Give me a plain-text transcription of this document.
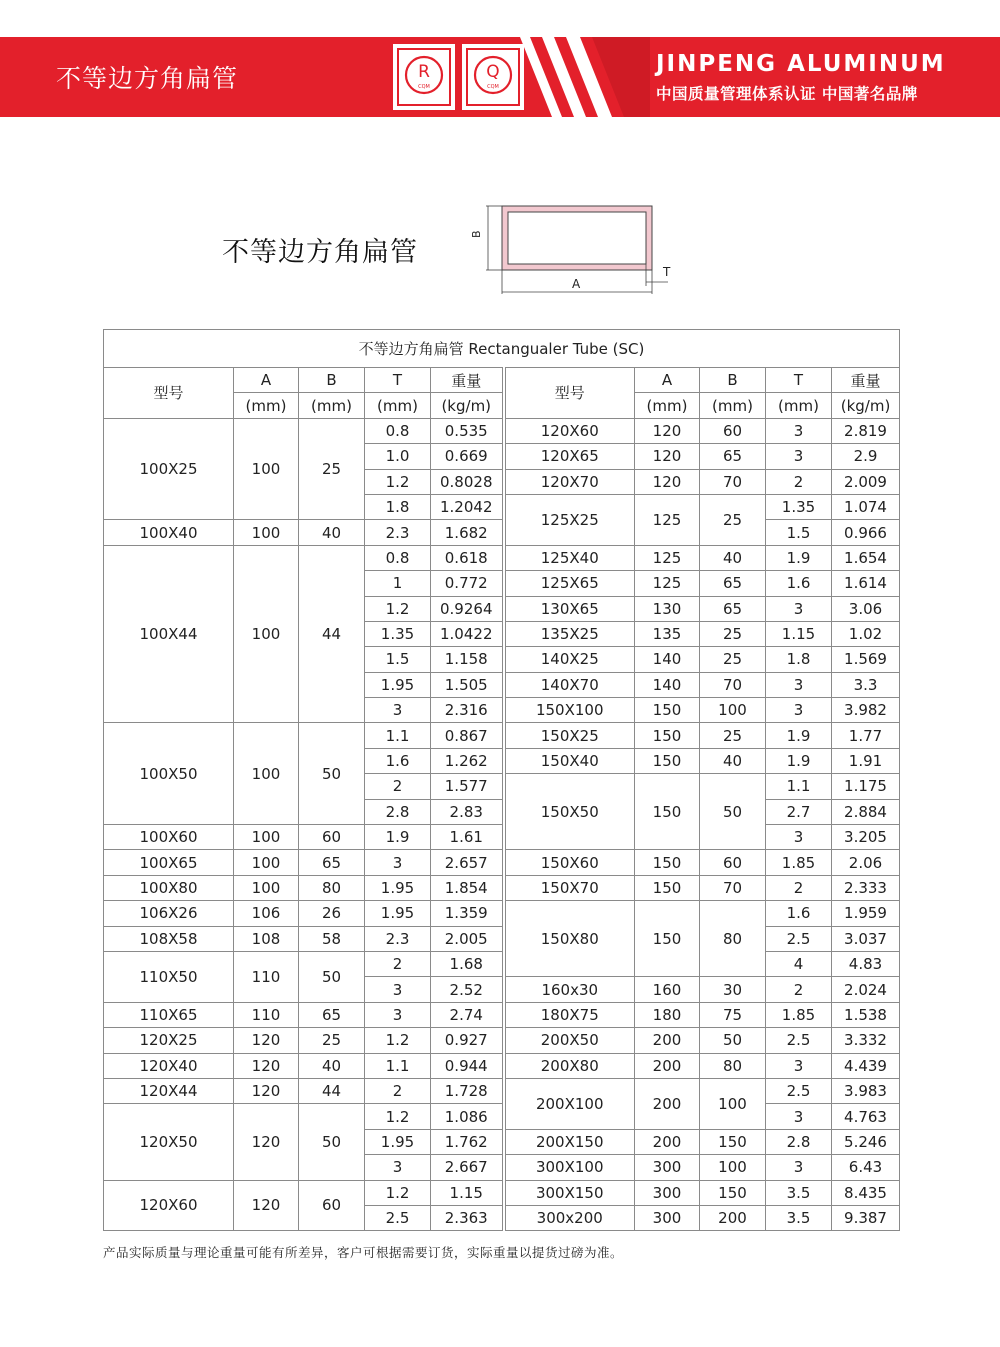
不等边方角扁管	R
CQM
Q
CQM
JINPENG ALUMINUM
中国质量管理体系认证 中国著名品牌
不等边方角扁管
B
A
T
不等边方角扁管 Rectangualer Tube (SC)									
型号	A	B	T	重量	型号	A	B	T	重量
	(mm)	(mm)	(mm)	(kg/m)		(mm)	(mm)	(mm)	(kg/m)
100X25	100	25	0.8	0.535	120X60	120	60	3	2.819
			1.0	0.669	120X65	120	65	3	2.9
			1.2	0.8028	120X70	120	70	2	2.009
			1.8	1.2042	125X25	125	25	1.35	1.074
100X40	100	40	2.3	1.682				1.5	0.966
100X44	100	44	0.8	0.618	125X40	125	40	1.9	1.654
			1	0.772	125X65	125	65	1.6	1.614
			1.2	0.9264	130X65	130	65	3	3.06
			1.35	1.0422	135X25	135	25	1.15	1.02
			1.5	1.158	140X25	140	25	1.8	1.569
			1.95	1.505	140X70	140	70	3	3.3
			3	2.316	150X100	150	100	3	3.982
100X50	100	50	1.1	0.867	150X25	150	25	1.9	1.77
			1.6	1.262	150X40	150	40	1.9	1.91
			2	1.577	150X50	150	50	1.1	1.175
			2.8	2.83				2.7	2.884
100X60	100	60	1.9	1.61				3	3.205
100X65	100	65	3	2.657	150X60	150	60	1.85	2.06
100X80	100	80	1.95	1.854	150X70	150	70	2	2.333
106X26	106	26	1.95	1.359	150X80	150	80	1.6	1.959
108X58	108	58	2.3	2.005				2.5	3.037
110X50	110	50	2	1.68				4	4.83
			3	2.52	160x30	160	30	2	2.024
110X65	110	65	3	2.74	180X75	180	75	1.85	1.538
120X25	120	25	1.2	0.927	200X50	200	50	2.5	3.332
120X40	120	40	1.1	0.944	200X80	200	80	3	4.439
120X44	120	44	2	1.728	200X100	200	100	2.5	3.983
120X50	120	50	1.2	1.086				3	4.763
			1.95	1.762	200X150	200	150	2.8	5.246
			3	2.667	300X100	300	100	3	6.43
120X60	120	60	1.2	1.15	300X150	300	150	3.5	8.435
			2.5	2.363	300x200	300	200	3.5	9.387
产品实际质量与理论重量可能有所差异，客户可根据需要订货，实际重量以提货过磅为准。
